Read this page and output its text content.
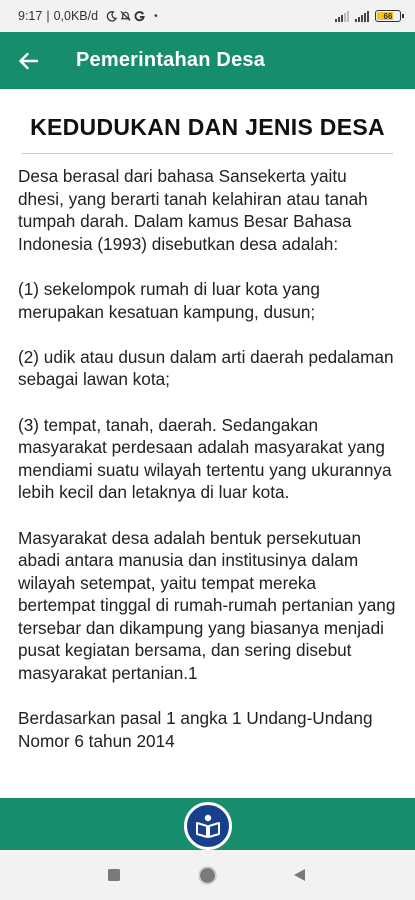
9:17 | 0,0KB/d	•	66
Pemerintahan Desa
KEDUDUKAN DAN JENIS DESA

Desa berasal dari bahasa Sansekerta yaitu dhesi, yang berarti tanah kelahiran atau tanah tumpah darah. Dalam kamus Besar Bahasa Indonesia (1993) disebutkan desa adalah:

(1) sekelompok rumah di luar kota yang merupakan kesatuan kampung, dusun;

(2) udik atau dusun dalam arti daerah pedalaman sebagai lawan kota;

(3) tempat, tanah, daerah. Sedangakan masyarakat perdesaan adalah masyarakat yang mendiami suatu wilayah tertentu yang ukurannya lebih kecil dan letaknya di luar kota.

Masyarakat desa adalah bentuk persekutuan abadi antara manusia dan institusinya dalam wilayah setempat, yaitu tempat mereka bertempat tinggal di rumah-rumah pertanian yang tersebar dan dikampung yang biasanya menjadi pusat kegiatan bersama, dan sering disebut masyarakat pertanian.1

Berdasarkan pasal 1 angka 1 Undang-Undang Nomor 6 tahun 2014
